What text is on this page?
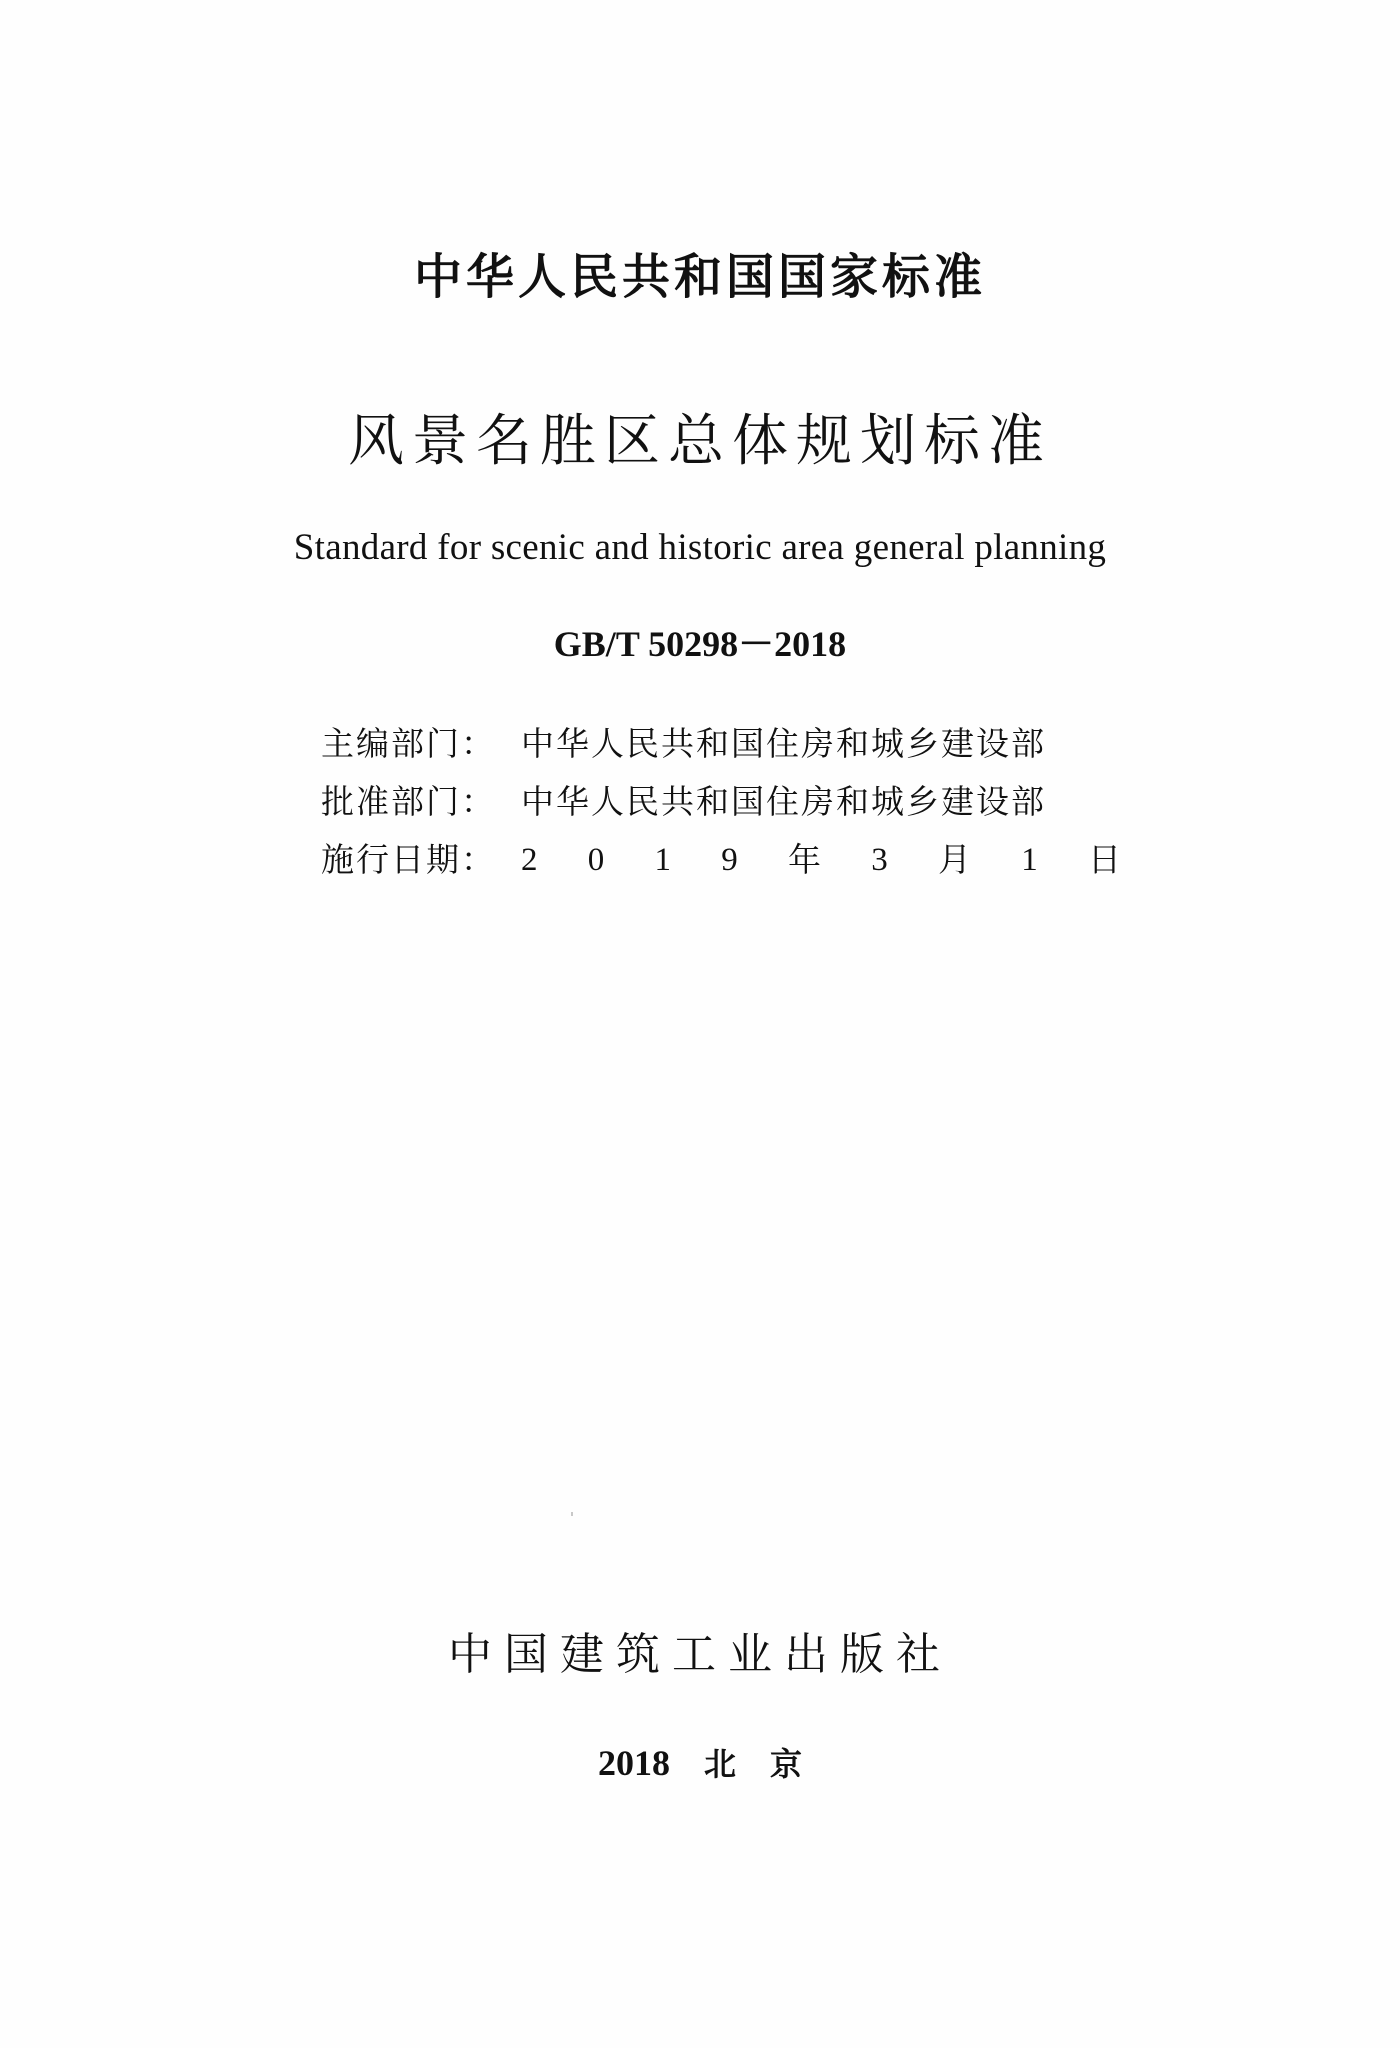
中华人民共和国国家标准
风景名胜区总体规划标准
Standard for scenic and historic area general planning
GB/T 50298－2018
主编部门： 中华人民共和国住房和城乡建设部
批准部门： 中华人民共和国住房和城乡建设部
施行日期： 2 0 1 9 年 3 月 1 日
中国建筑工业出版社
2018 北 京
